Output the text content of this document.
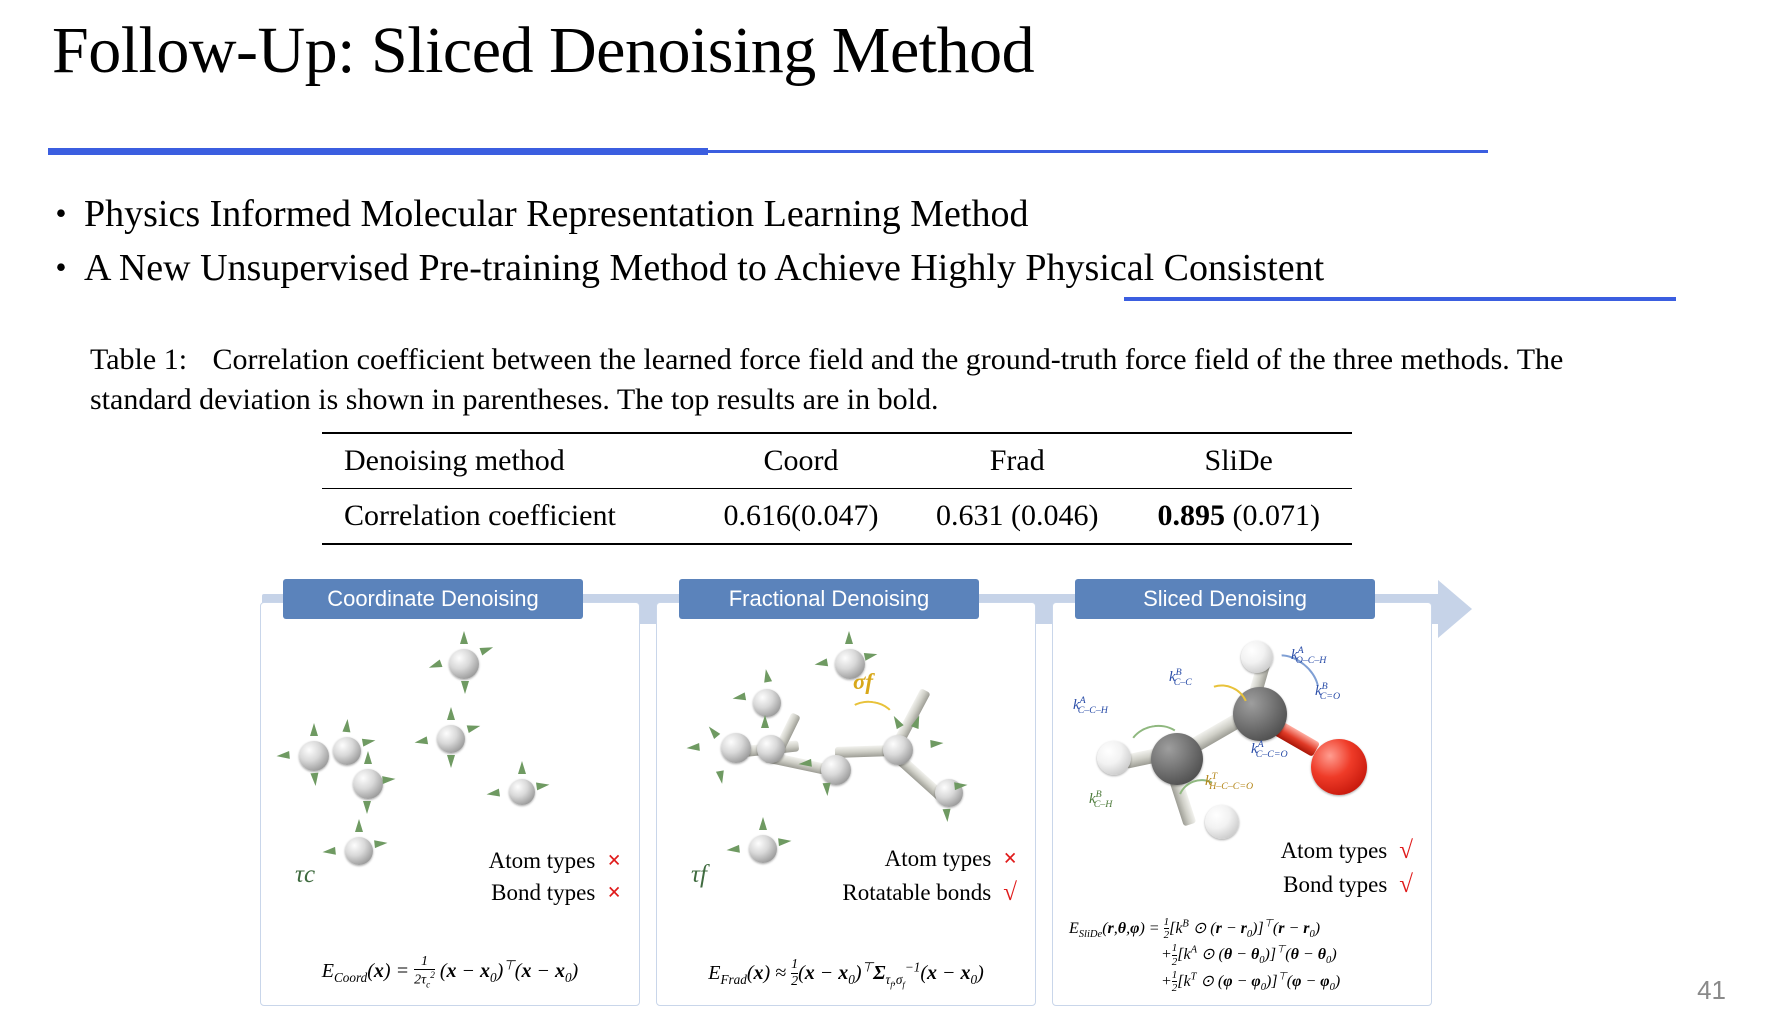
Follow-Up: Sliced Denoising Method
• Physics Informed Molecular Representation Learning Method
• A New Unsupervised Pre-training Method to Achieve Highly Physical Consistent
Table 1: Correlation coefficient between the learned force field and the ground-truth force field of the three methods. The standard deviation is shown in parentheses. The top results are in bold.
Denoising method	Coord	Frad	SliDe
Correlation coefficient	0.616(0.047)	0.631 (0.046)	0.895 (0.071)
Coordinate Denoising
τc
Atom types ×
Bond types ×
$E_{Coord}(x) = \frac{1}{2\tau_c^2} (x - x_0)^⊤(x - x_0)$
Fractional Denoising
σf
τf
Atom types ×
Rotatable bonds √
$E_{Frad}(x) \approx \frac{1}{2} (x - x_0)^⊤\Sigma_{\tau_f,\sigma_f}^{-1}(x - x_0)$
Sliced Denoising
$k^A_{C-C-H}$
$k^B_{C-C}$
$k^A_{O-C-H}$
$k^B_{C=O}$
$k^A_{C-C=O}$
$k^T_{H-C-C=O}$
$k^B_{C-H}$
Atom types √
Bond types √
$E_{SliDe}(r,\theta,\varphi) = \frac{1}{2} [k^B$ ⊙ $(r - r_0)]^⊤(r - r_0)$
+ $\frac{1}{2} [k^A$ ⊙ $(\theta - \theta_0)]^⊤(\theta - \theta_0)$
+ $\frac{1}{2} [k^T$ ⊙ $(\varphi - \varphi_0)]^⊤(\varphi - \varphi_0)$	41
